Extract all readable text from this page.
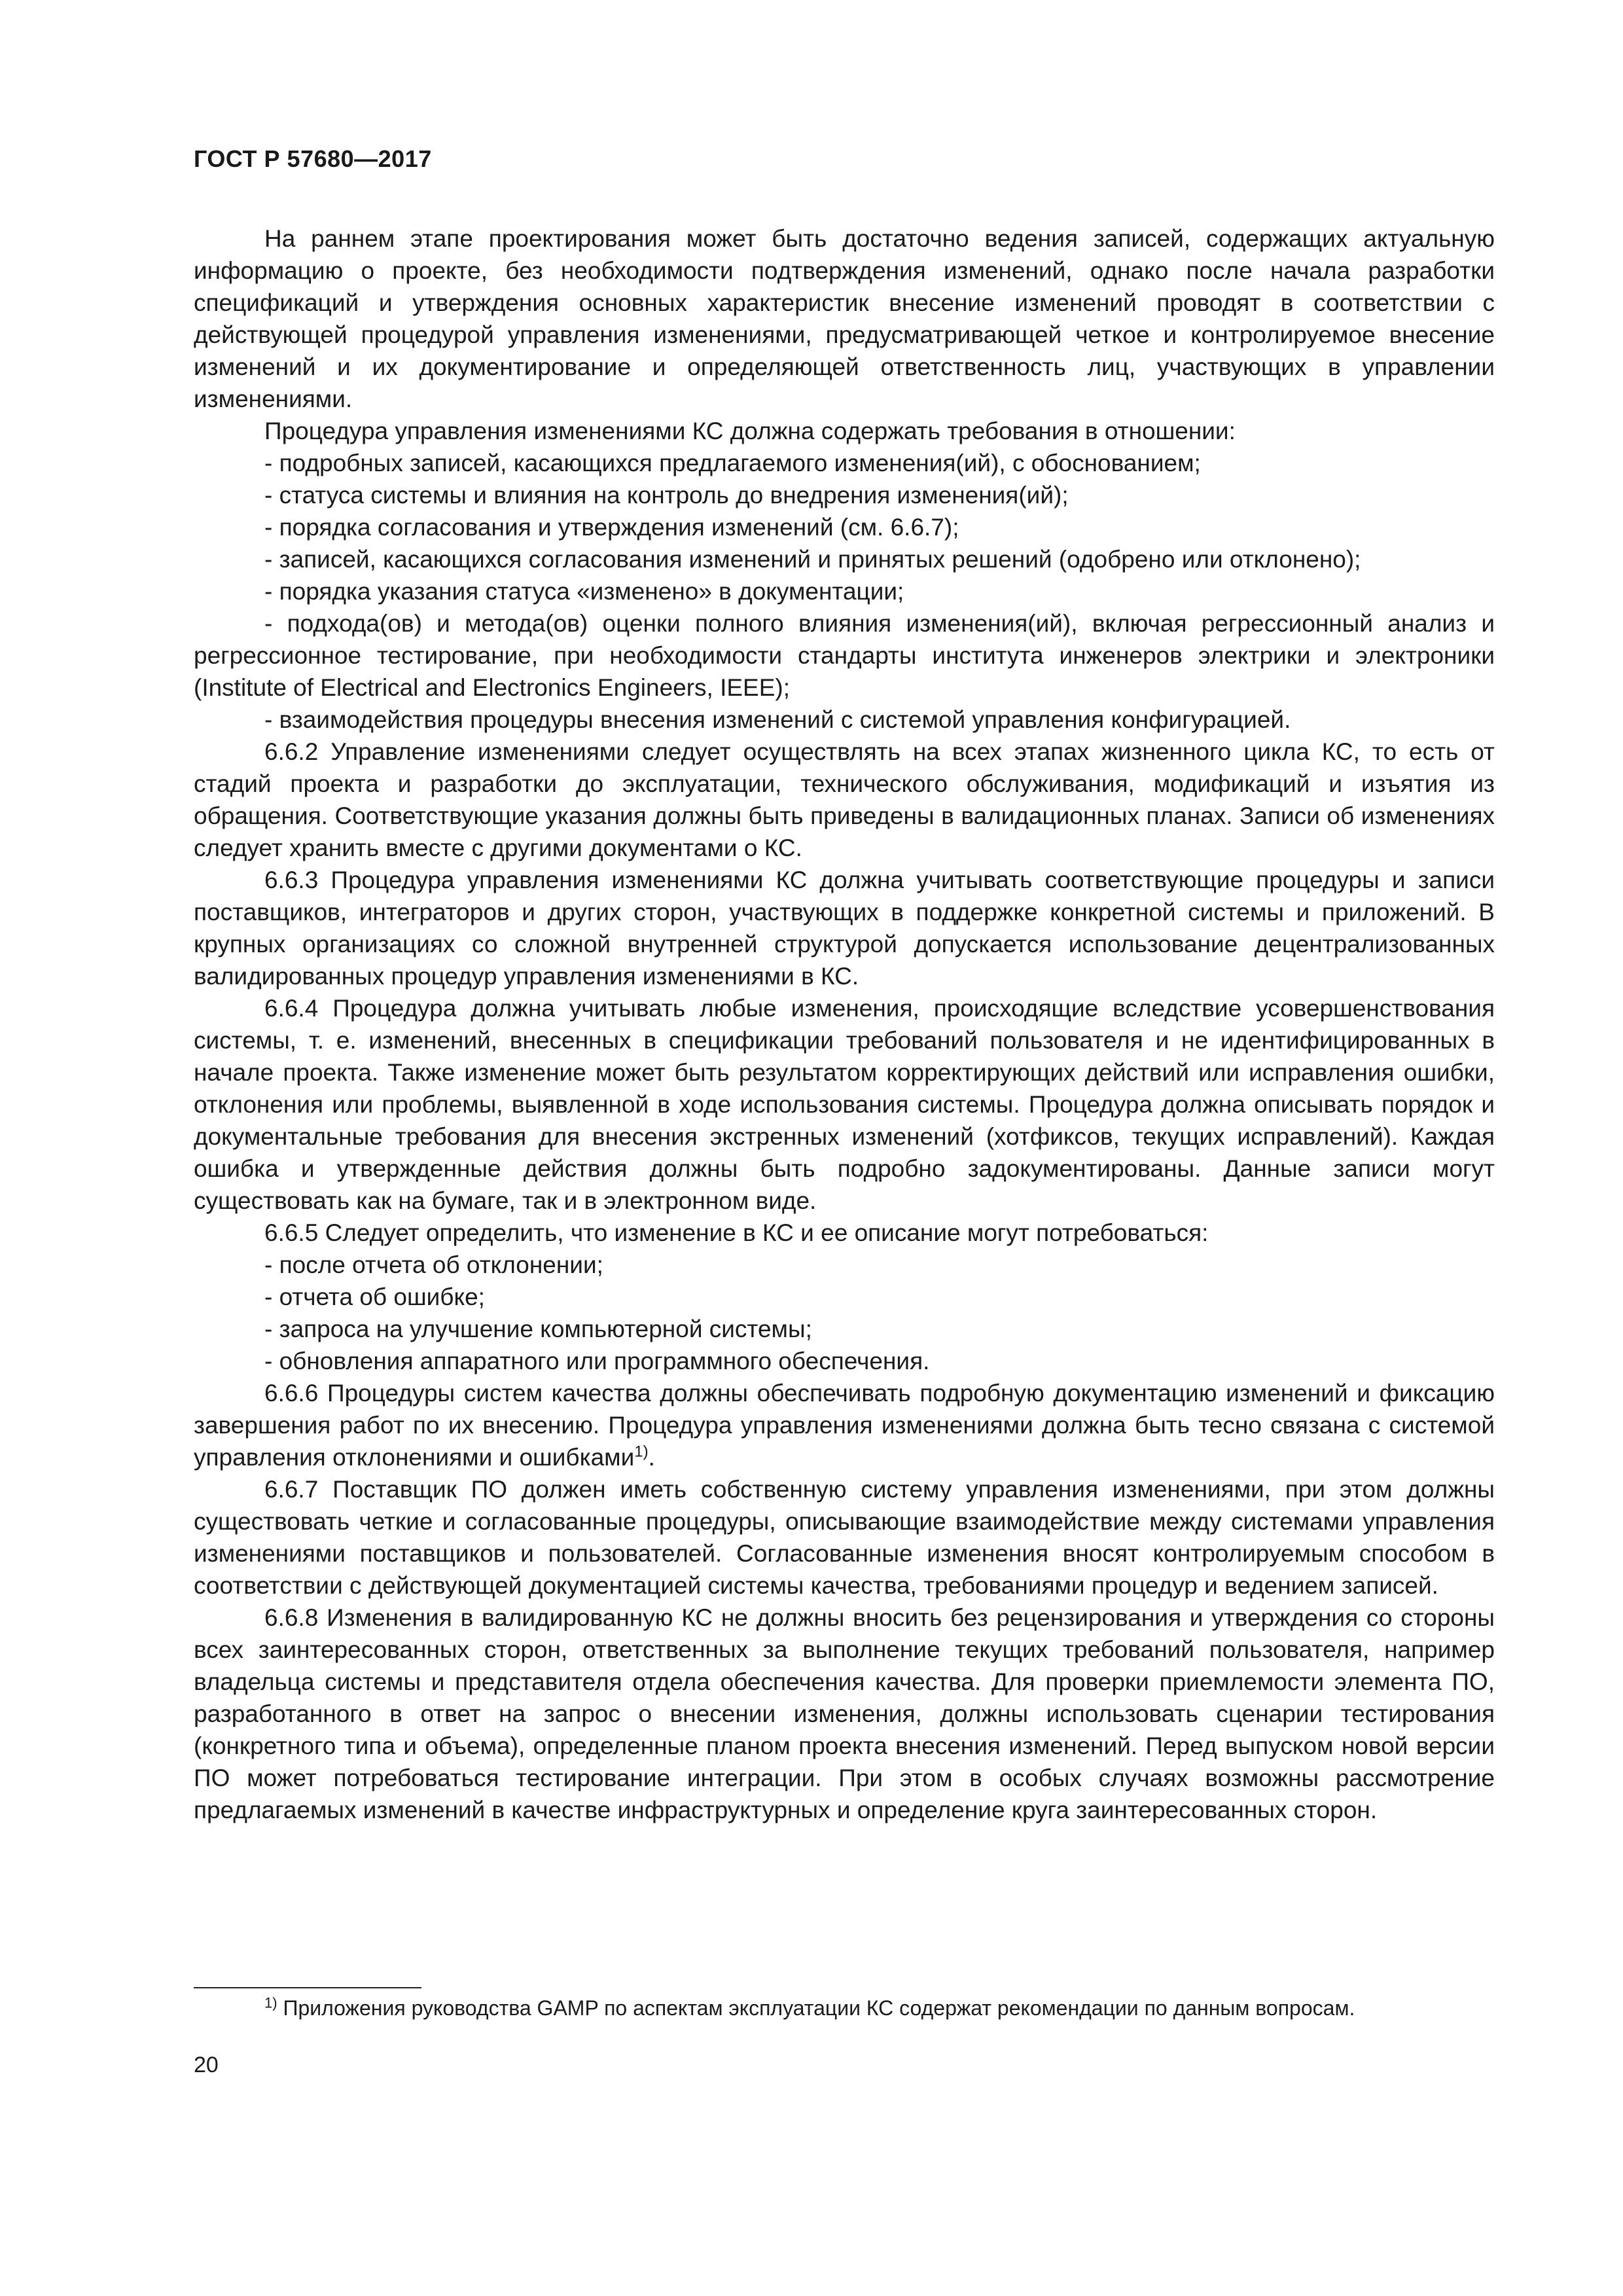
ГОСТ Р 57680—2017

На раннем этапе проектирования может быть достаточно ведения записей, содержащих актуальную информацию о проекте, без необходимости подтверждения изменений, однако после начала разработки спецификаций и утверждения основных характеристик внесение изменений проводят в соответствии с действующей процедурой управления изменениями, предусматривающей четкое и контролируемое внесение изменений и их документирование и определяющей ответственность лиц, участвующих в управлении изменениями.

Процедура управления изменениями КС должна содержать требования в отношении:

- подробных записей, касающихся предлагаемого изменения(ий), с обоснованием;

- статуса системы и влияния на контроль до внедрения изменения(ий);

- порядка согласования и утверждения изменений (см. 6.6.7);

- записей, касающихся согласования изменений и принятых решений (одобрено или отклонено);

- порядка указания статуса «изменено» в документации;

- подхода(ов) и метода(ов) оценки полного влияния изменения(ий), включая регрессионный анализ и регрессионное тестирование, при необходимости стандарты института инженеров электрики и электроники (Institute of Electrical and Electronics Engineers, IEEE);

- взаимодействия процедуры внесения изменений с системой управления конфигурацией.

6.6.2 Управление изменениями следует осуществлять на всех этапах жизненного цикла КС, то есть от стадий проекта и разработки до эксплуатации, технического обслуживания, модификаций и изъятия из обращения. Соответствующие указания должны быть приведены в валидационных планах. Записи об изменениях следует хранить вместе с другими документами о КС.

6.6.3 Процедура управления изменениями КС должна учитывать соответствующие процедуры и записи поставщиков, интеграторов и других сторон, участвующих в поддержке конкретной системы и приложений. В крупных организациях со сложной внутренней структурой допускается использование децентрализованных валидированных процедур управления изменениями в КС.

6.6.4 Процедура должна учитывать любые изменения, происходящие вследствие усовершенствования системы, т. е. изменений, внесенных в спецификации требований пользователя и не идентифицированных в начале проекта. Также изменение может быть результатом корректирующих действий или исправления ошибки, отклонения или проблемы, выявленной в ходе использования системы. Процедура должна описывать порядок и документальные требования для внесения экстренных изменений (хотфиксов, текущих исправлений). Каждая ошибка и утвержденные действия должны быть подробно задокументированы. Данные записи могут существовать как на бумаге, так и в электронном виде.

6.6.5 Следует определить, что изменение в КС и ее описание могут потребоваться:

- после отчета об отклонении;

- отчета об ошибке;

- запроса на улучшение компьютерной системы;

- обновления аппаратного или программного обеспечения.

6.6.6 Процедуры систем качества должны обеспечивать подробную документацию изменений и фиксацию завершения работ по их внесению. Процедура управления изменениями должна быть тесно связана с системой управления отклонениями и ошибками$^{1)}$.

6.6.7 Поставщик ПО должен иметь собственную систему управления изменениями, при этом должны существовать четкие и согласованные процедуры, описывающие взаимодействие между системами управления изменениями поставщиков и пользователей. Согласованные изменения вносят контролируемым способом в соответствии с действующей документацией системы качества, требованиями процедур и ведением записей.

6.6.8 Изменения в валидированную КС не должны вносить без рецензирования и утверждения со стороны всех заинтересованных сторон, ответственных за выполнение текущих требований пользователя, например владельца системы и представителя отдела обеспечения качества. Для проверки приемлемости элемента ПО, разработанного в ответ на запрос о внесении изменения, должны использовать сценарии тестирования (конкретного типа и объема), определенные планом проекта внесения изменений. Перед выпуском новой версии ПО может потребоваться тестирование интеграции. При этом в особых случаях возможны рассмотрение предлагаемых изменений в качестве инфраструктурных и определение круга заинтересованных сторон.

$^{1)}$ Приложения руководства GAMP по аспектам эксплуатации КС содержат рекомендации по данным вопросам.
20
